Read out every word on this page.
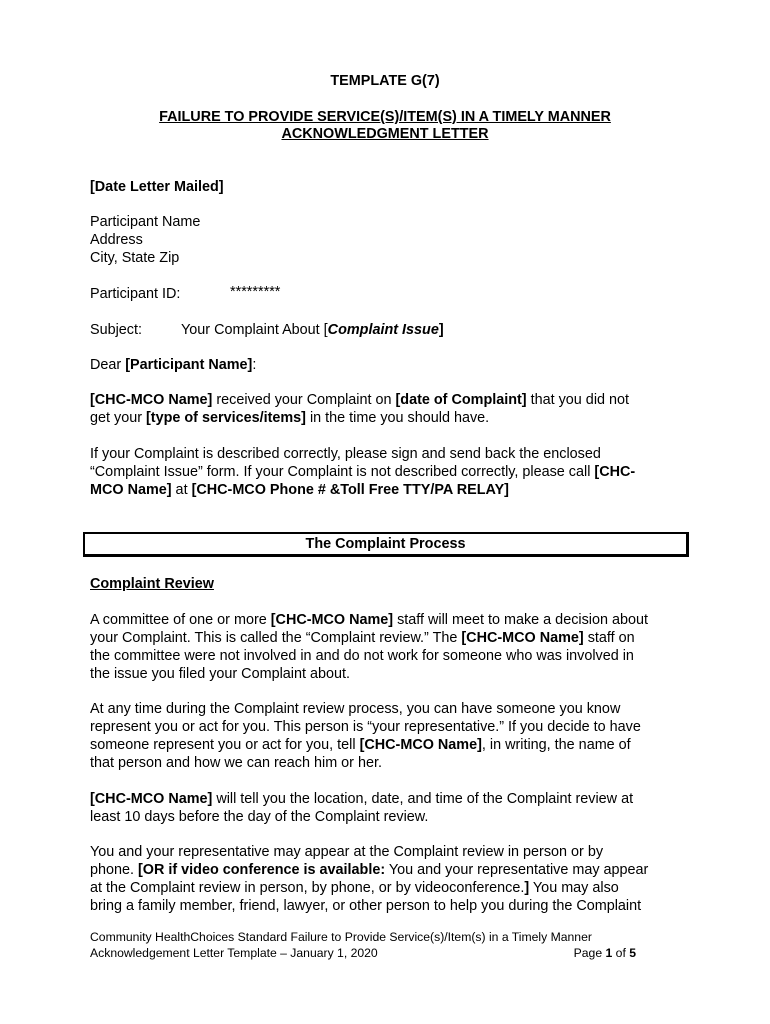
TEMPLATE G(7)
FAILURE TO PROVIDE SERVICE(S)/ITEM(S) IN A TIMELY MANNER
ACKNOWLEDGMENT LETTER
[Date Letter Mailed]
Participant Name
Address
City, State Zip
Participant ID:	*********
Subject:	Your Complaint About [Complaint Issue]
Dear [Participant Name]:
[CHC-MCO Name] received your Complaint on [date of Complaint] that you did not
get your [type of services/items] in the time you should have.
If your Complaint is described correctly, please sign and send back the enclosed
“Complaint Issue” form. If your Complaint is not described correctly, please call [CHC-
MCO Name] at [CHC-MCO Phone # &Toll Free TTY/PA RELAY]
The Complaint Process
Complaint Review
A committee of one or more [CHC-MCO Name] staff will meet to make a decision about
your Complaint. This is called the “Complaint review.” The [CHC-MCO Name] staff on
the committee were not involved in and do not work for someone who was involved in
the issue you filed your Complaint about.
At any time during the Complaint review process, you can have someone you know
represent you or act for you. This person is “your representative.” If you decide to have
someone represent you or act for you, tell [CHC-MCO Name], in writing, the name of
that person and how we can reach him or her.
[CHC-MCO Name] will tell you the location, date, and time of the Complaint review at
least 10 days before the day of the Complaint review.
You and your representative may appear at the Complaint review in person or by
phone. [OR if video conference is available: You and your representative may appear
at the Complaint review in person, by phone, or by videoconference.] You may also
bring a family member, friend, lawyer, or other person to help you during the Complaint
Community HealthChoices Standard Failure to Provide Service(s)/Item(s) in a Timely Manner
Acknowledgement Letter Template – January 1, 2020	Page 1 of 5
